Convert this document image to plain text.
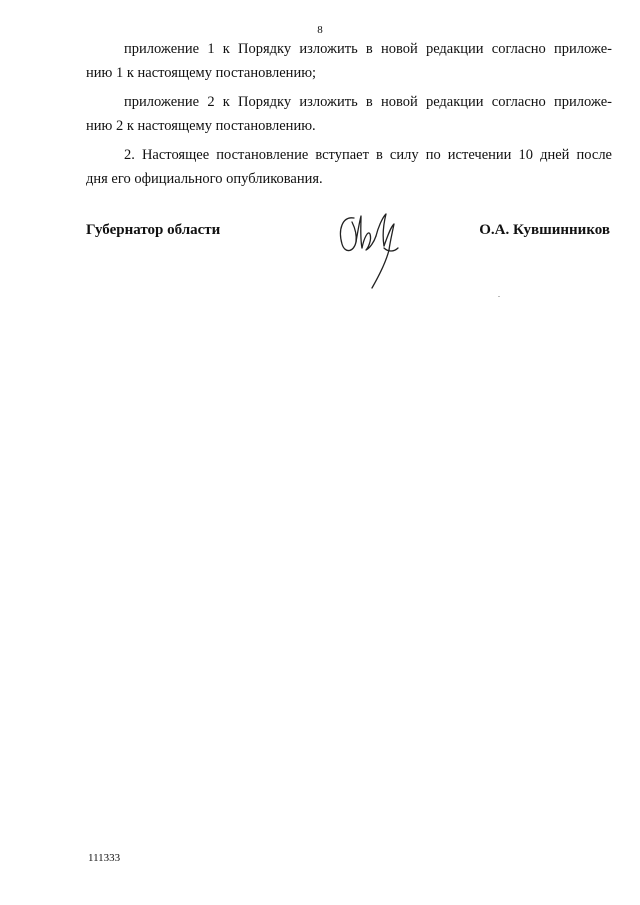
8
приложение 1 к Порядку изложить в новой редакции согласно приложе-
нию 1 к настоящему постановлению;
приложение 2 к Порядку изложить в новой редакции согласно приложе-
нию 2 к настоящему постановлению.
2. Настоящее постановление вступает в силу по истечении 10 дней после
дня его официального опубликования.
Губернатор области	О.А. Кувшинников
111333
